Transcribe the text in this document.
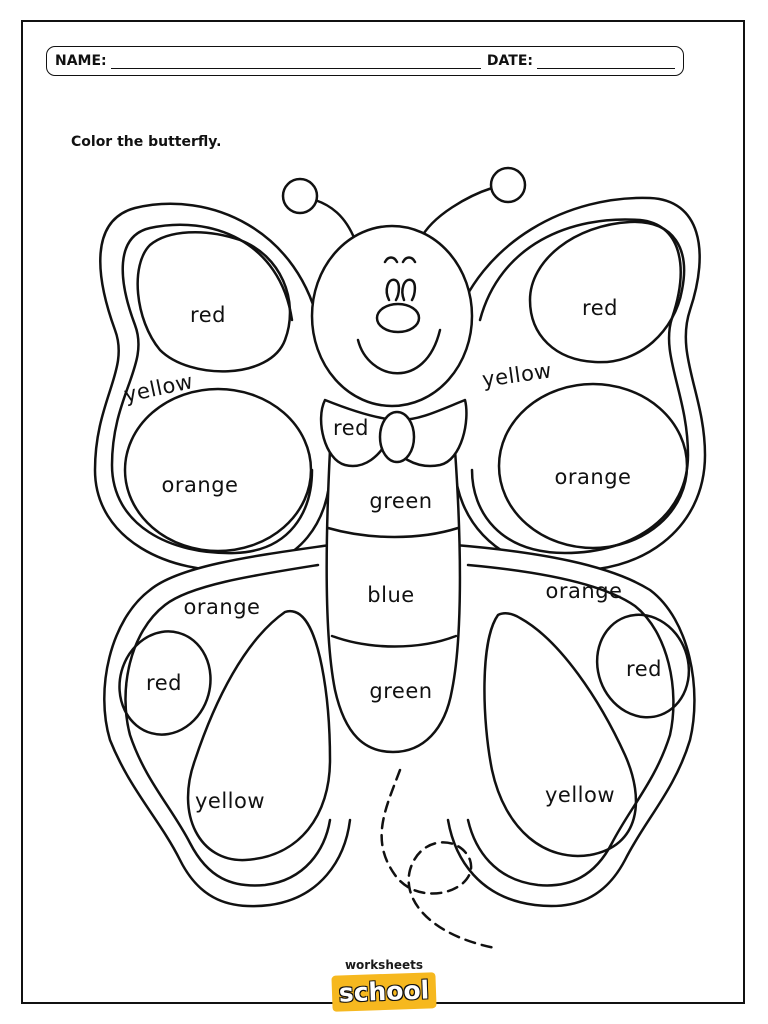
NAME:	DATE:
Color the butterfly.
red
yellow
orange
red
yellow
orange
red
green
blue
green
orange
red
yellow
orange
red
yellow
worksheets
school
